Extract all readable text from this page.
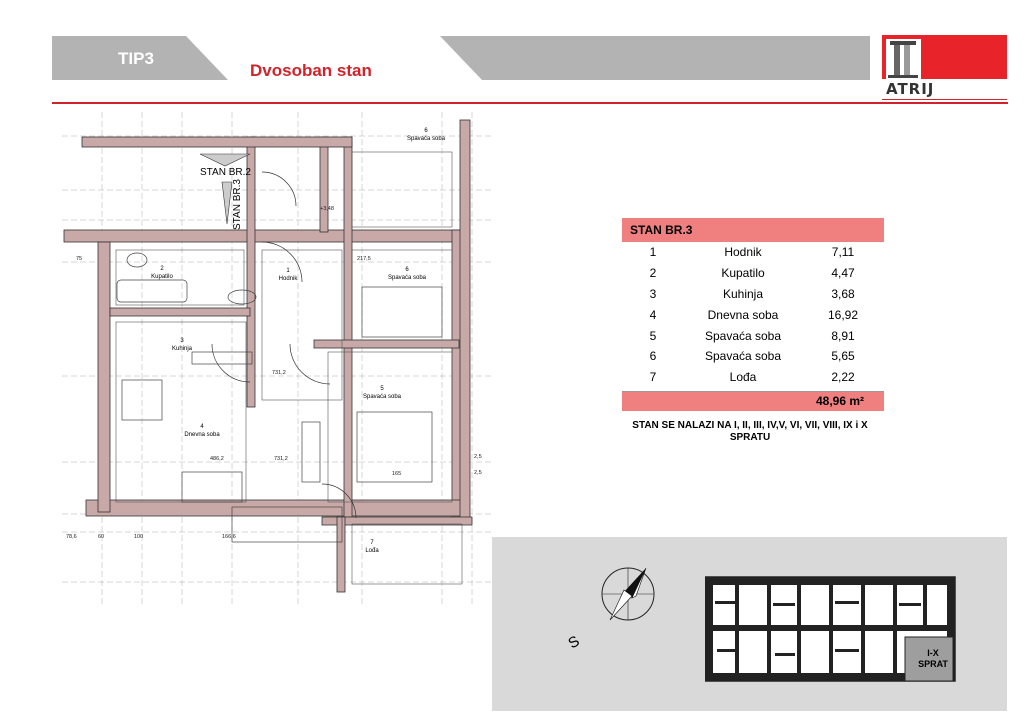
TIP3
Dvosoban stan
ATRIJ
STAN BR.2
STAN BR.3
1
Hodnik
2
Kupatilo
3
Kuhinja
4
Dnevna soba
5
Spavaća soba
6
Spavaća soba
7
Lođa
6
Spavaća soba
217,5
731,2
486,2	731,2
165
78,6	60	100	166,6
75
2,5
2,5
+3,48
STAN BR.3
1	Hodnik	7,11
2	Kupatilo	4,47
3	Kuhinja	3,68
4	Dnevna soba	16,92
5	Spavaća soba	8,91
6	Spavaća soba	5,65
7	Lođa	2,22
48,96 m²
STAN SE NALAZI NA I, II, III, IV,V, VI, VII, VIII, IX i X SPRATU
S
I-X
SPRAT
